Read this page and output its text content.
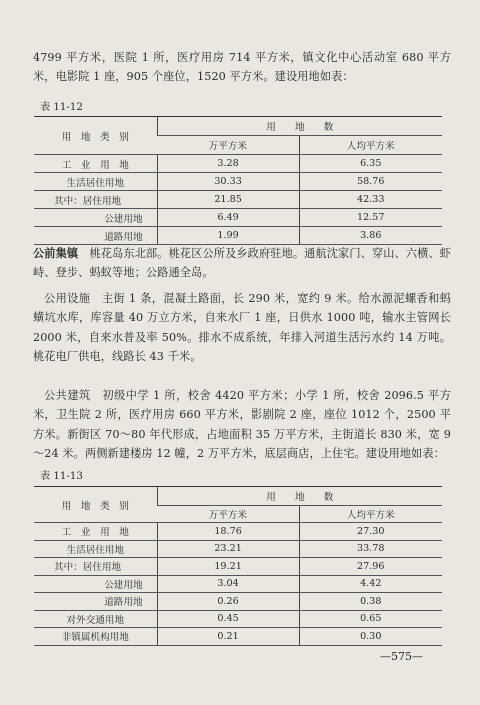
4799 平方米，医院 1 所，医疗用房 714 平方米，镇文化中心活动室 680 平方米，电影院 1 座，905 个座位，1520 平方米。建设用地如表：

表 11-12
用　地　类　别	用　　地　　数	
	万平方米	人均平方米
工　业　用　地	3.28	6.35
生活居住用地	30.33	58.76
其中：居住用地	21.85	42.33
公建用地	6.49	12.57
道路用地	1.99	3.86

公前集镇　 桃花岛东北部。桃花区公所及乡政府驻地。通航沈家门、穿山、六横、虾峙、登步、蚂蚁等地；公路通全岛。

公用设施　 主街 1 条，混凝土路面，长 290 米，宽约 9 米。给水源泥螺香和蚂蟥坑水库，库容量 40 万立方米，自来水厂 1 座，日供水 1000 吨，输水主管网长 2000 米，自来水普及率 50%。排水不成系统，年排入河道生活污水约 14 万吨。桃花电厂供电，线路长 43 千米。

公共建筑　 初级中学 1 所，校舍 4420 平方米；小学 1 所，校舍 2096.5 平方米，卫生院 2 所，医疗用房 660 平方米，影剧院 2 座，座位 1012 个，2500 平方米。新街区 70～80 年代形成，占地面积 35 万平方米，主街道长 830 米，宽 9～24 米。两侧新建楼房 12 幢，2 万平方米，底层商店，上住宅。建设用地如表：

表 11-13
用　地　类　别	用　　地　　数	
	万平方米	人均平方米
工　业　用　地	18.76	27.30
生活居住用地	23.21	33.78
其中：居住用地	19.21	27.96
公建用地	3.04	4.42
道路用地	0.26	0.38
对外交通用地	0.45	0.65
非镇属机构用地	0.21	0.30
—575—
